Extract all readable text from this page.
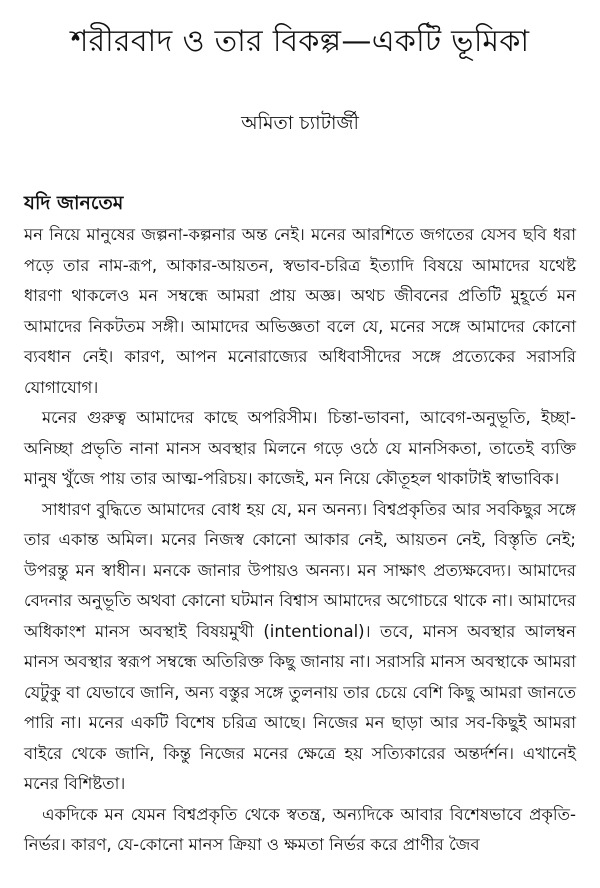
শরীরবাদ ও তার বিকল্প—একটি ভূমিকা
অমিতা চ্যাটার্জী
যদি জানতেম

মন নিয়ে মানুষের জল্পনা-কল্পনার অন্ত নেই। মনের আরশিতে জগতের যেসব ছবি ধরা পড়ে তার নাম-রূপ, আকার-আয়তন, স্বভাব-চরিত্র ইত্যাদি বিষয়ে আমাদের যথেষ্ট ধারণা থাকলেও মন সম্বন্ধে আমরা প্রায় অজ্ঞ। অথচ জীবনের প্রতিটি মুহূর্তে মন আমাদের নিকটতম সঙ্গী। আমাদের অভিজ্ঞতা বলে যে, মনের সঙ্গে আমাদের কোনো ব্যবধান নেই। কারণ, আপন মনোরাজ্যের অধিবাসীদের সঙ্গে প্রত্যেকের সরাসরি যোগাযোগ।

মনের গুরুত্ব আমাদের কাছে অপরিসীম। চিন্তা-ভাবনা, আবেগ-অনুভূতি, ইচ্ছা-অনিচ্ছা প্রভৃতি নানা মানস অবস্থার মিলনে গড়ে ওঠে যে মানসিকতা, তাতেই ব্যক্তি মানুষ খুঁজে পায় তার আত্ম-পরিচয়। কাজেই, মন নিয়ে কৌতূহল থাকাটাই স্বাভাবিক।

সাধারণ বুদ্ধিতে আমাদের বোধ হয় যে, মন অনন্য। বিশ্বপ্রকৃতির আর সবকিছুর সঙ্গে তার একান্ত অমিল। মনের নিজস্ব কোনো আকার নেই, আয়তন নেই, বিস্তৃতি নেই; উপরন্তু মন স্বাধীন। মনকে জানার উপায়ও অনন্য। মন সাক্ষাৎ প্রত্যক্ষবেদ্য। আমাদের বেদনার অনুভূতি অথবা কোনো ঘটমান বিশ্বাস আমাদের অগোচরে থাকে না। আমাদের অধিকাংশ মানস অবস্থাই বিষয়মুখী (intentional)। তবে, মানস অবস্থার আলম্বন মানস অবস্থার স্বরূপ সম্বন্ধে অতিরিক্ত কিছু জানায় না। সরাসরি মানস অবস্থাকে আমরা যেটুকু বা যেভাবে জানি, অন্য বস্তুর সঙ্গে তুলনায় তার চেয়ে বেশি কিছু আমরা জানতে পারি না। মনের একটি বিশেষ চরিত্র আছে। নিজের মন ছাড়া আর সব-কিছুই আমরা বাইরে থেকে জানি, কিন্তু নিজের মনের ক্ষেত্রে হয় সত্যিকারের অন্তর্দর্শন। এখানেই মনের বিশিষ্টতা।

একদিকে মন যেমন বিশ্বপ্রকৃতি থেকে স্বতন্ত্র, অন্যদিকে আবার বিশেষভাবে প্রকৃতি-নির্ভর। কারণ, যে-কোনো মানস ক্রিয়া ও ক্ষমতা নির্ভর করে প্রাণীর জৈব
